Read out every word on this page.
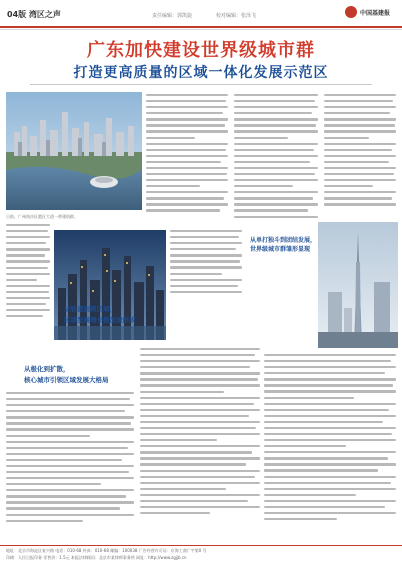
04版 湾区之声	责任编辑：郭凯旋	校对编辑：张泽飞	中国基建报
广东加快建设世界级城市群
打造更高质量的区域一体化发展示范区
日前，广州南沙区港区大道一带建筑群。
从轨道到跨区域，
区域发展增长极加速形成
从极化到扩散，
核心城市引领区域发展大格局
从单打独斗到团结发展，
世界级城市群雏形显现
地址：北京市海淀区复兴路 电话：010-68 传真：010-68 邮编：100038 广告经营许可证：京海工商广字第0 号
印刷：人民日报印务 零售价：1.5元 本报法律顾问：北京市某律师事务所 网址：http://www.zgjjb.cn
